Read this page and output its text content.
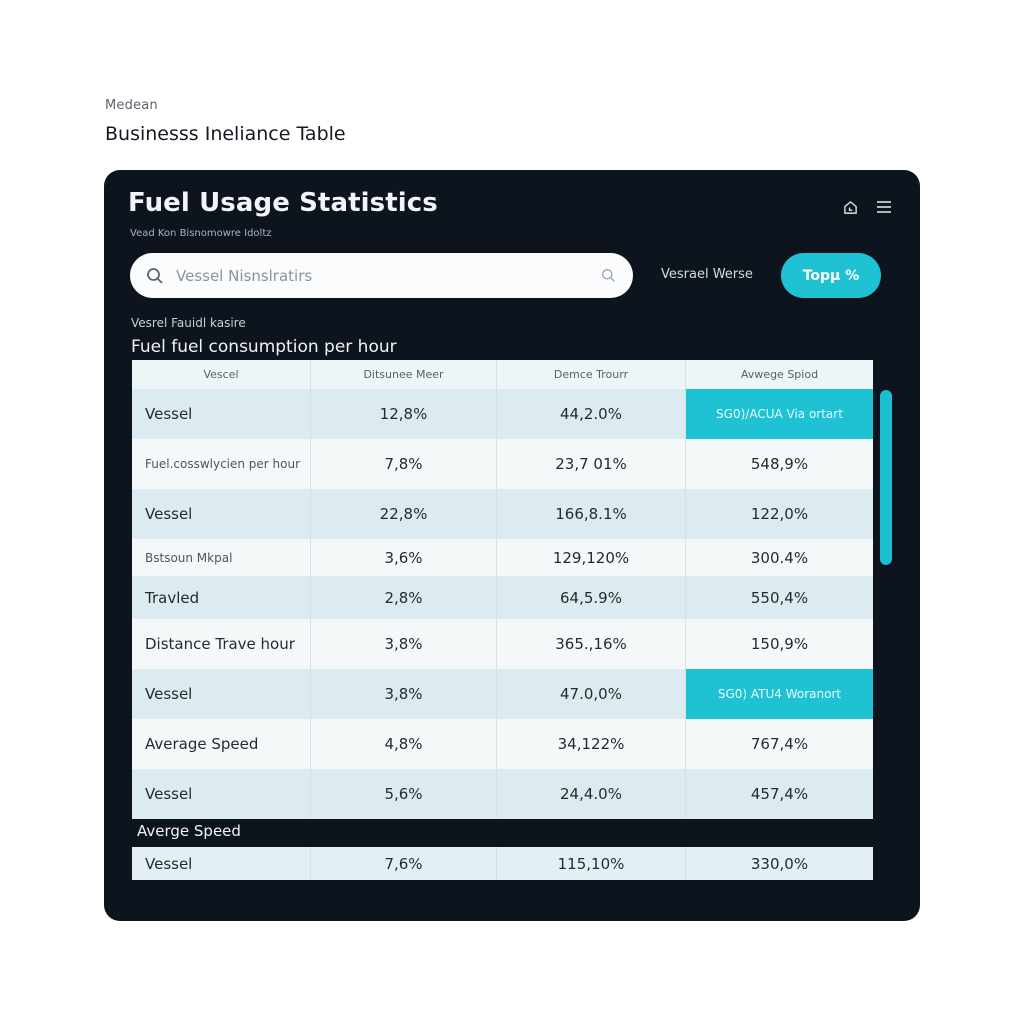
Medean
Businesss Ineliance Table
Fuel Usage Statistics
Vead Kon Bisnomowre Idoltz
Vessel Nisnslratirs
Vesrael Werse	Topμ %
Vesrel Fauidl kasire
Fuel fuel consumption per hour
Vescel	Ditsunee Meer	Demce Trourr	Avwege Spiod
Vessel	12,8%	44,2.0%	SG0)/ACUA Via ortart
Fuel.cosswlycien per hour	7,8%	23,7 01%	548,9%
Vessel	22,8%	166,8.1%	122,0%
Bstsoun Mkpal	3,6%	129,120%	300.4%
Travled	2,8%	64,5.9%	550,4%
Distance Trave hour	3,8%	365.,16%	150,9%
Vessel	3,8%	47.0,0%	SG0) ATU4 Woranort
Average Speed	4,8%	34,122%	767,4%
Vessel	5,6%	24,4.0%	457,4%
Averge Speed
Vessel	7,6%	115,10%	330,0%
